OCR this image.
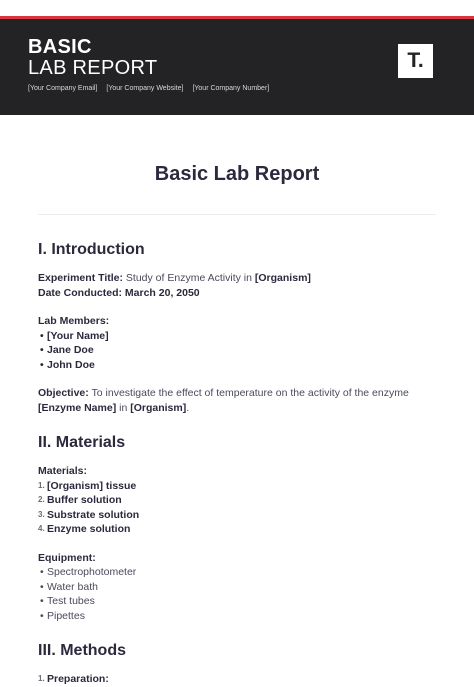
BASIC
LAB REPORT
[Your Company Email] [Your Company Website] [Your Company Number]
T.
Basic Lab Report
I. Introduction
Experiment Title: Study of Enzyme Activity in [Organism]
Date Conducted: March 20, 2050
Lab Members:
• [Your Name]
• Jane Doe
• John Doe
Objective: To investigate the effect of temperature on the activity of the enzyme [Enzyme Name] in [Organism].
II. Materials
Materials:
1. [Organism] tissue
2. Buffer solution
3. Substrate solution
4. Enzyme solution
Equipment:
• Spectrophotometer
• Water bath
• Test tubes
• Pipettes
III. Methods
1. Preparation:
